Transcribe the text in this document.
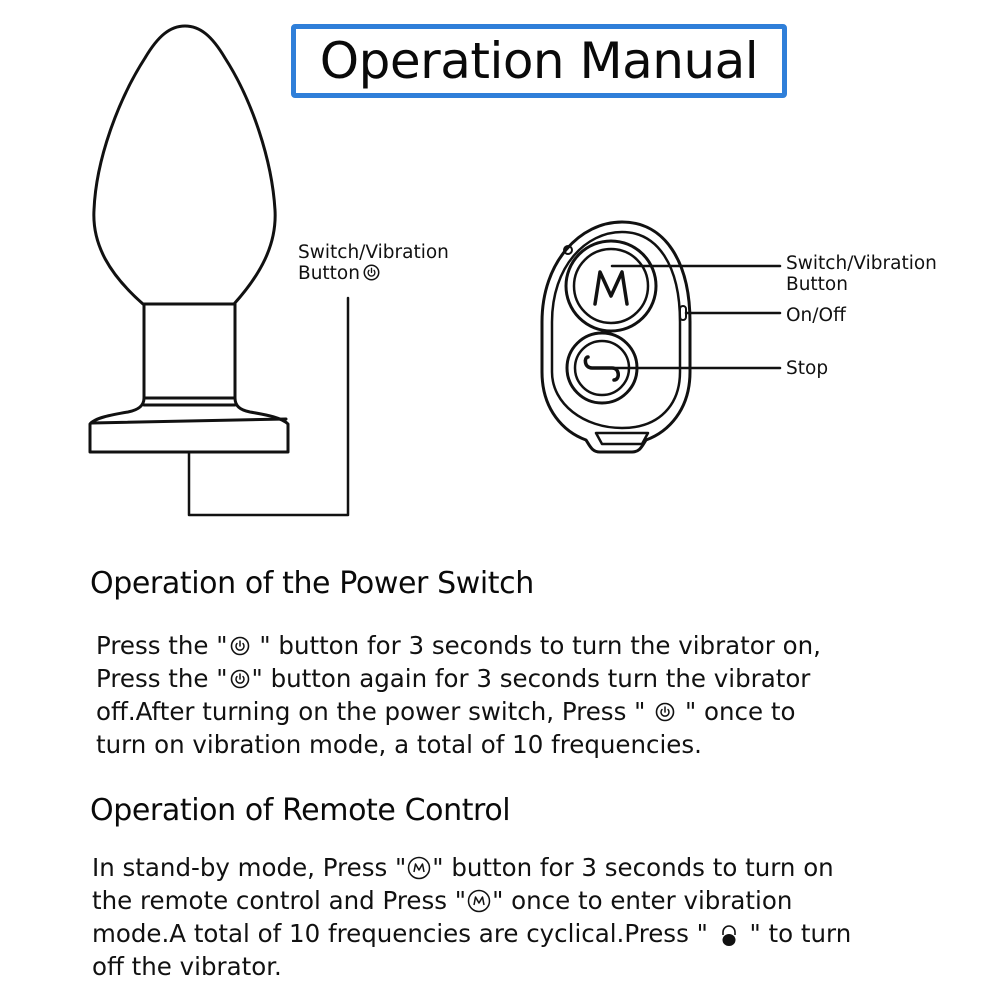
Operation Manual
Switch/Vibration
Button	Switch/Vibration
Button
On/Off
Stop
Operation of the Power Switch
Press the " " button for 3 seconds to turn the vibrator on,
Press the " " button again for 3 seconds turn the vibrator
off.After turning on the power switch, Press "  " once to
turn on vibration mode, a total of 10 frequencies.
Operation of Remote Control
In stand-by mode, Press " " button for 3 seconds to turn on
the remote control and Press " " once to enter vibration
mode.A total of 10 frequencies are cyclical.Press "  " to turn
off the vibrator.
